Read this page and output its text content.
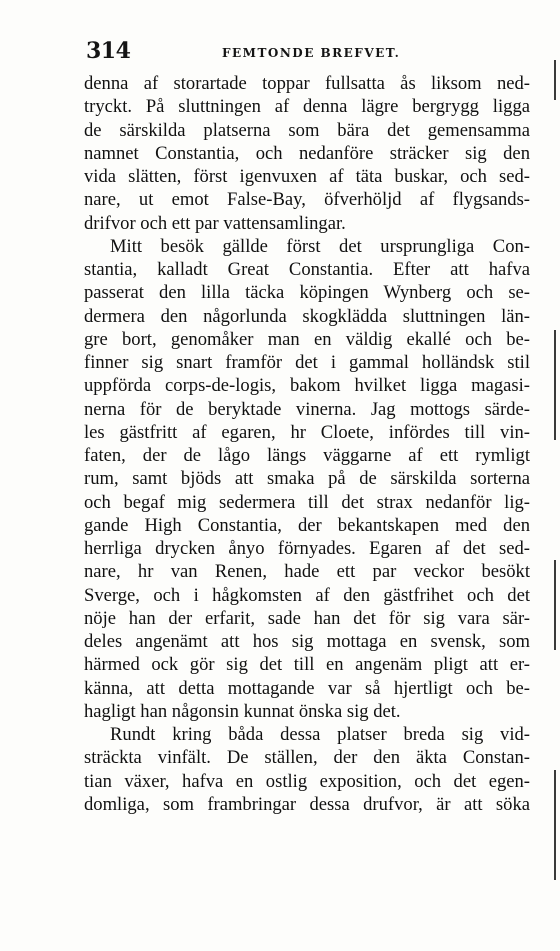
314	FEMTONDE BREFVET.
denna af storartade toppar fullsatta ås liksom ned-
tryckt. På sluttningen af denna lägre bergrygg ligga
de särskilda platserna som bära det gemensamma
namnet Constantia, och nedanföre sträcker sig den
vida slätten, först igenvuxen af täta buskar, och sed-
nare, ut emot False-Bay, öfverhöljd af flygsands-
drifvor och ett par vattensamlingar.
Mitt besök gällde först det ursprungliga Con-
stantia, kalladt Great Constantia. Efter att hafva
passerat den lilla täcka köpingen Wynberg och se-
dermera den någorlunda skogklädda sluttningen län-
gre bort, genomåker man en väldig ekallé och be-
finner sig snart framför det i gammal holländsk stil
uppförda corps-de-logis, bakom hvilket ligga magasi-
nerna för de beryktade vinerna. Jag mottogs särde-
les gästfritt af egaren, hr Cloete, infördes till vin-
faten, der de lågo längs väggarne af ett rymligt
rum, samt bjöds att smaka på de särskilda sorterna
och begaf mig sedermera till det strax nedanför lig-
gande High Constantia, der bekantskapen med den
herrliga drycken ånyo förnyades. Egaren af det sed-
nare, hr van Renen, hade ett par veckor besökt
Sverge, och i hågkomsten af den gästfrihet och det
nöje han der erfarit, sade han det för sig vara sär-
deles angenämt att hos sig mottaga en svensk, som
härmed ock gör sig det till en angenäm pligt att er-
känna, att detta mottagande var så hjertligt och be-
hagligt han någonsin kunnat önska sig det.
Rundt kring båda dessa platser breda sig vid-
sträckta vinfält. De ställen, der den äkta Constan-
tian växer, hafva en ostlig exposition, och det egen-
domliga, som frambringar dessa drufvor, är att söka
